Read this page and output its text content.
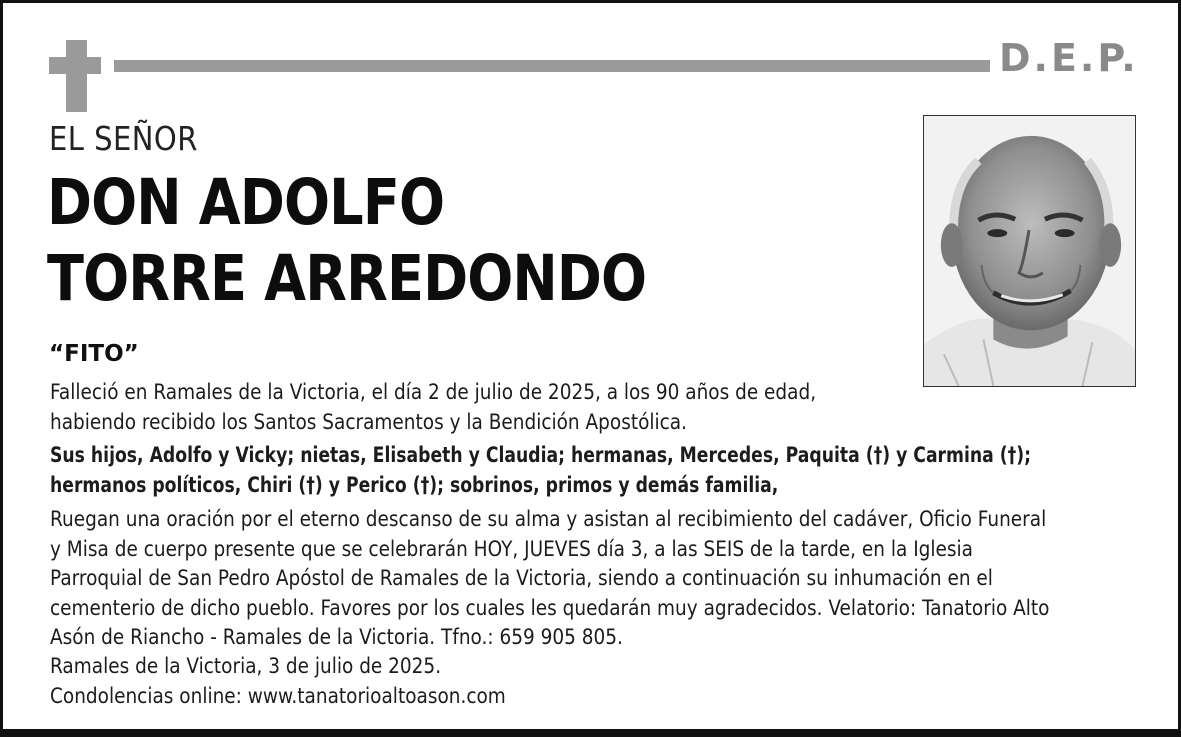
D.E.P.
EL SEÑOR
DON ADOLFO
TORRE ARREDONDO
“FITO”
Falleció en Ramales de la Victoria, el día 2 de julio de 2025, a los 90 años de edad,
habiendo recibido los Santos Sacramentos y la Bendición Apostólica.
Sus hijos, Adolfo y Vicky; nietas, Elisabeth y Claudia; hermanas, Mercedes, Paquita (†) y Carmina (†);
hermanos políticos, Chiri (†) y Perico (†); sobrinos, primos y demás familia,
Ruegan una oración por el eterno descanso de su alma y asistan al recibimiento del cadáver, Oficio Funeral
y Misa de cuerpo presente que se celebrarán HOY, JUEVES día 3, a las SEIS de la tarde, en la Iglesia
Parroquial de San Pedro Apóstol de Ramales de la Victoria, siendo a continuación su inhumación en el
cementerio de dicho pueblo. Favores por los cuales les quedarán muy agradecidos. Velatorio: Tanatorio Alto
Asón de Riancho - Ramales de la Victoria. Tfno.: 659 905 805.
Ramales de la Victoria, 3 de julio de 2025.
Condolencias online: www.tanatorioaltoason.com
